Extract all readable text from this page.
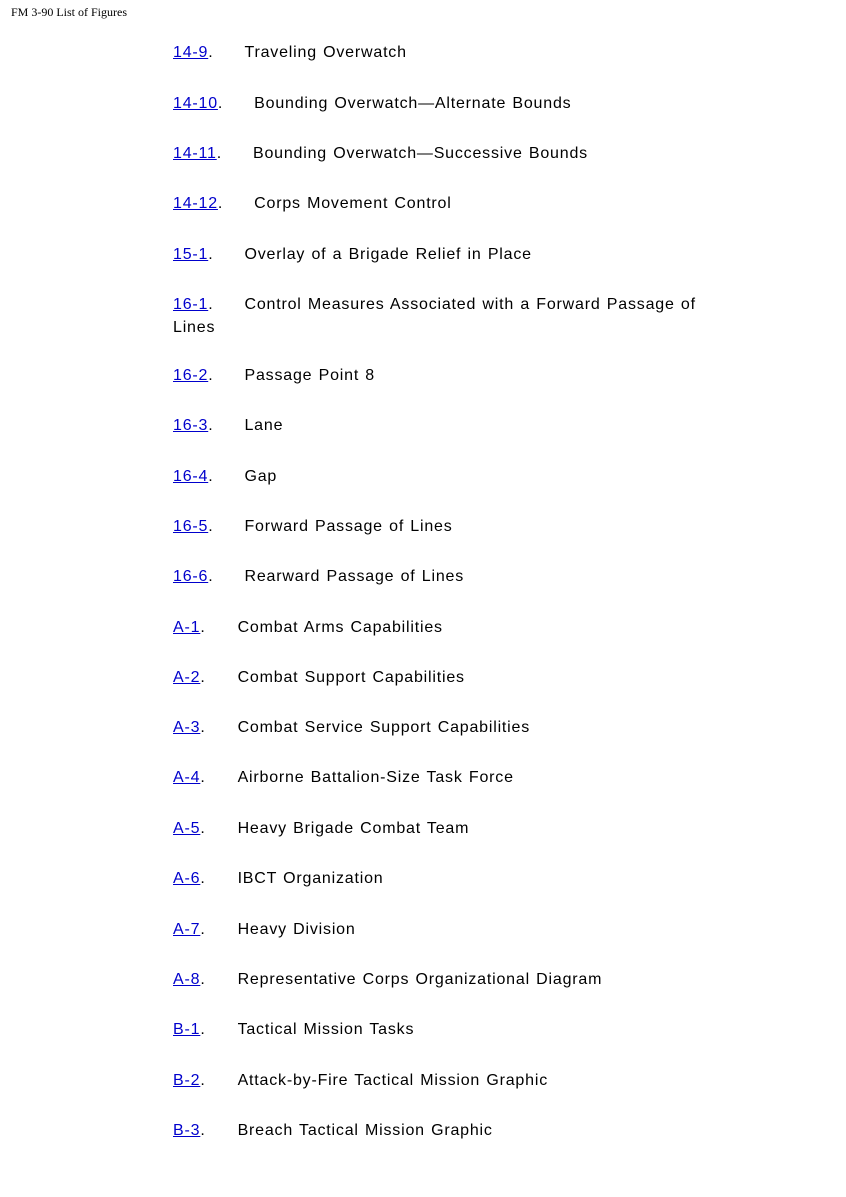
FM 3-90 List of Figures
14-9. Traveling Overwatch
14-10. Bounding Overwatch—Alternate Bounds
14-11. Bounding Overwatch—Successive Bounds
14-12. Corps Movement Control
15-1. Overlay of a Brigade Relief in Place
16-1. Control Measures Associated with a Forward Passage of Lines
16-2. Passage Point 8
16-3. Lane
16-4. Gap
16-5. Forward Passage of Lines
16-6. Rearward Passage of Lines
A-1. Combat Arms Capabilities
A-2. Combat Support Capabilities
A-3. Combat Service Support Capabilities
A-4. Airborne Battalion-Size Task Force
A-5. Heavy Brigade Combat Team
A-6. IBCT Organization
A-7. Heavy Division
A-8. Representative Corps Organizational Diagram
B-1. Tactical Mission Tasks
B-2. Attack-by-Fire Tactical Mission Graphic
B-3. Breach Tactical Mission Graphic
